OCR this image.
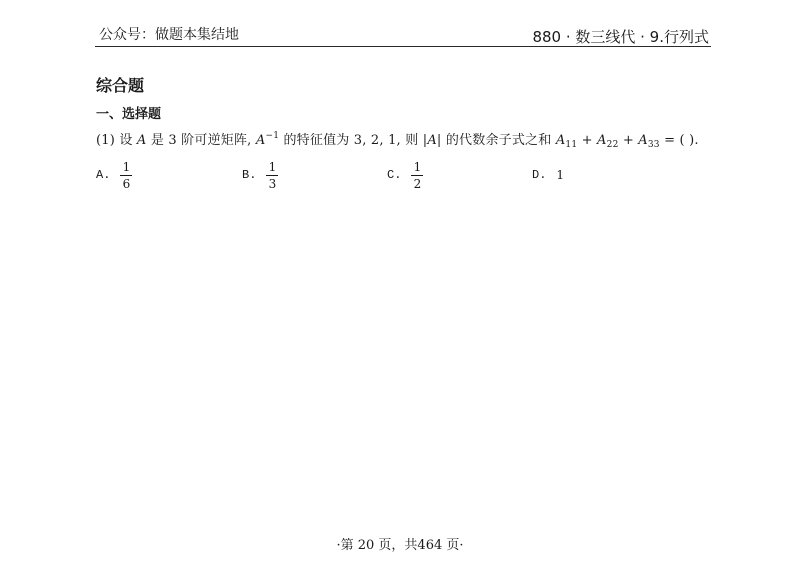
公众号：做题本集结地	880 · 数三线代 · 9.行列式
综合题
一、选择题
(1) 设 A 是 3 阶可逆矩阵, $A^{-1}$ 的特征值为 3, 2, 1, 则 |A| 的代数余子式之和 $A_{11} + A_{22} + A_{33}$ = ( ).
A. $\frac{1}{6}$	B. $\frac{1}{3}$	C. $\frac{1}{2}$	D. 1
·第 20 页，共464 页·
